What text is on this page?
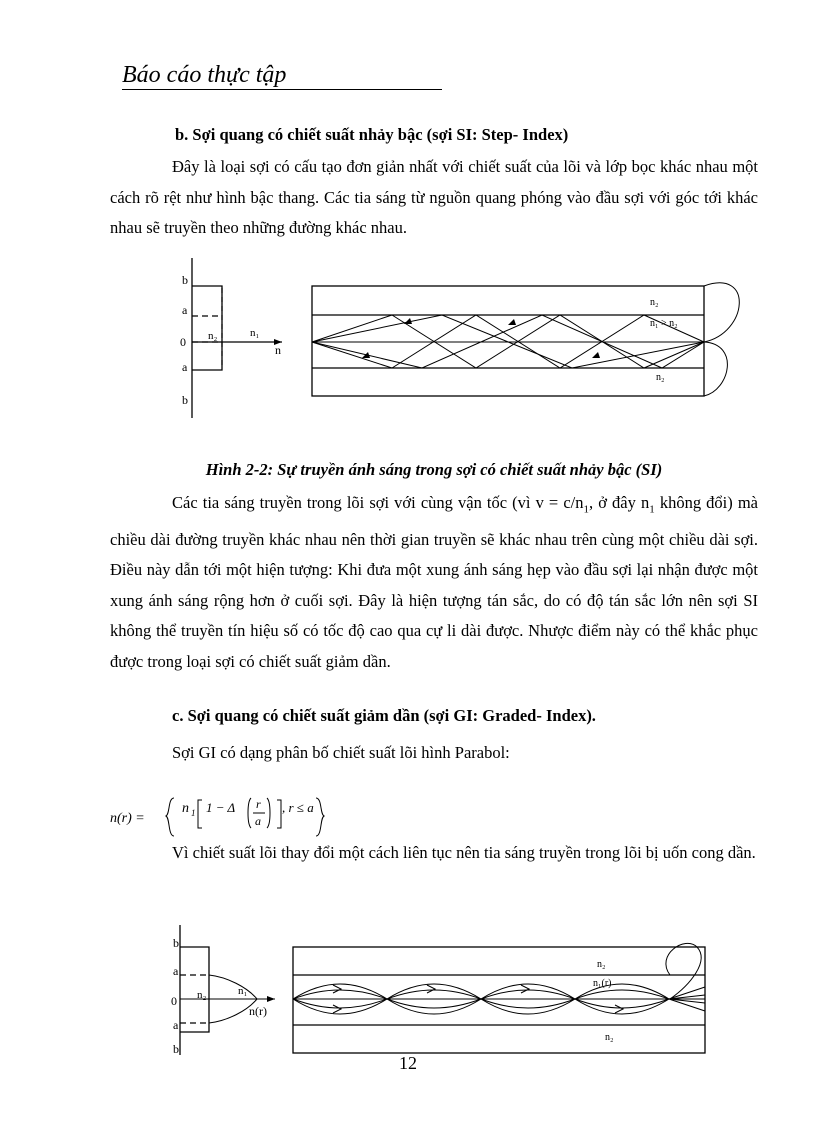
Báo cáo thực tập
b. Sợi quang có chiết suất nhảy bậc (sợi SI: Step- Index)
Đây là loại sợi có cấu tạo đơn giản nhất với chiết suất của lõi và lớp bọc khác nhau một cách rõ rệt như hình bậc thang. Các tia sáng từ nguồn quang phóng vào đầu sợi với góc tới khác nhau sẽ truyền theo những đường khác nhau.
b
a
0
a
b
n₂	n₁
n
n₂
n₁ > n₂
n₂
Hình 2-2: Sự truyền ánh sáng trong sợi có chiết suất nhảy bậc (SI)
Các tia sáng truyền trong lõi sợi với cùng vận tốc (vì $v = c/n_1$, ở đây $n_1$ không đổi) mà chiều dài đường truyền khác nhau nên thời gian truyền sẽ khác nhau trên cùng một chiều dài sợi. Điều này dẫn tới một hiện tượng: Khi đưa một xung ánh sáng hẹp vào đầu sợi lại nhận được một xung ánh sáng rộng hơn ở cuối sợi. Đây là hiện tượng tán sắc, do có độ tán sắc lớn nên sợi SI không thể truyền tín hiệu số có tốc độ cao qua cự li dài được. Nhược điểm này có thể khắc phục được trong loại sợi có chiết suất giảm dần.
c. Sợi quang có chiết suất giảm dần (sợi GI: Graded- Index).
Sợi GI có dạng phân bố chiết suất lõi hình Parabol:
n(r) =
n 1 1 − Δ r
a
, r ≤ a
Vì chiết suất lõi thay đổi một cách liên tục nên tia sáng truyền trong lõi bị uốn cong dần.
b
a
0
a
b
n₂	n₁
n(r)
n₂
n₁(r)
n₂
12
